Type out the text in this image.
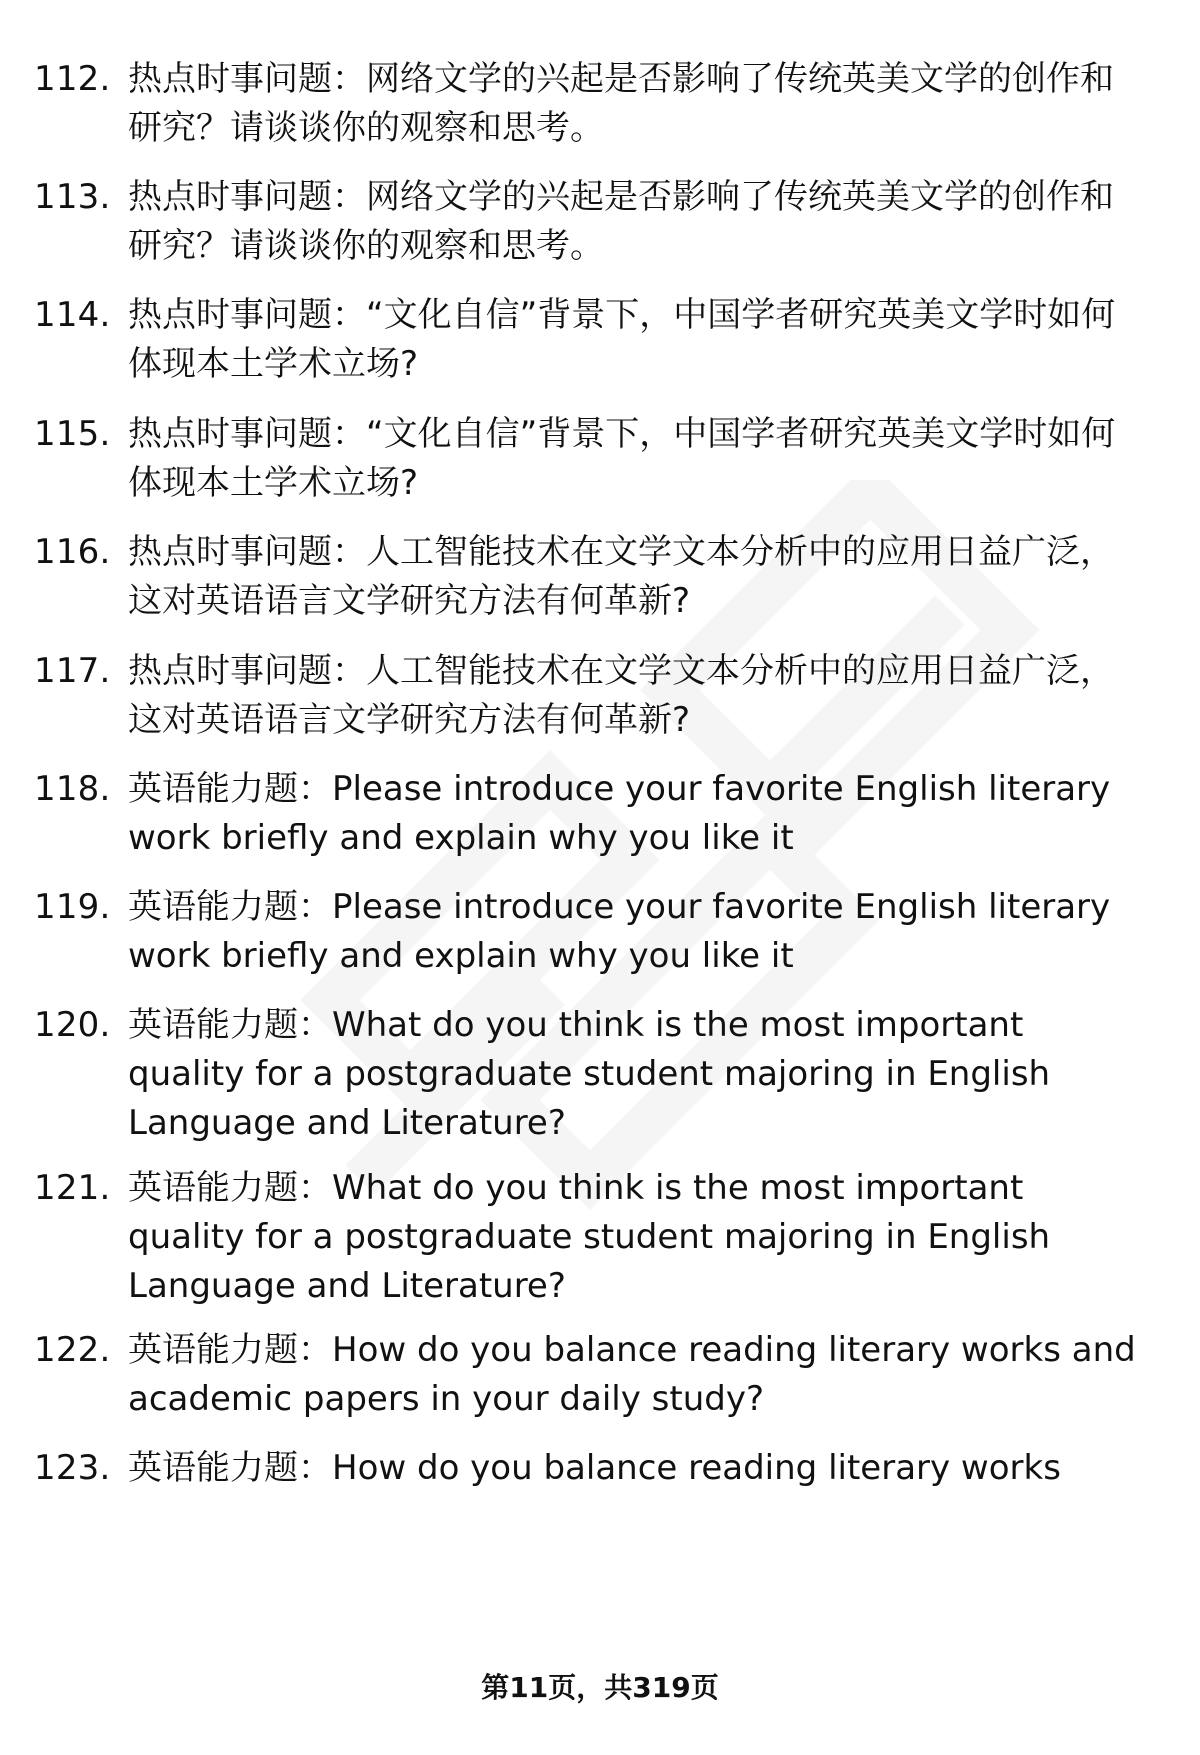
112. 热点时事问题：网络文学的兴起是否影响了传统英美文学的创作和研究？请谈谈你的观察和思考。
113. 热点时事问题：网络文学的兴起是否影响了传统英美文学的创作和研究？请谈谈你的观察和思考。
114. 热点时事问题：“文化自信”背景下，中国学者研究英美文学时如何体现本土学术立场?
115. 热点时事问题：“文化自信”背景下，中国学者研究英美文学时如何体现本土学术立场?
116. 热点时事问题：人工智能技术在文学文本分析中的应用日益广泛，这对英语语言文学研究方法有何革新?
117. 热点时事问题：人工智能技术在文学文本分析中的应用日益广泛，这对英语语言文学研究方法有何革新?
118. 英语能力题：Please introduce your favorite English literary work briefly and explain why you like it
119. 英语能力题：Please introduce your favorite English literary work briefly and explain why you like it
120. 英语能力题：What do you think is the most important quality for a postgraduate student majoring in English Language and Literature?
121. 英语能力题：What do you think is the most important quality for a postgraduate student majoring in English Language and Literature?
122. 英语能力题：How do you balance reading literary works and academic papers in your daily study?
123. 英语能力题：How do you balance reading literary works
第11页，共319页
